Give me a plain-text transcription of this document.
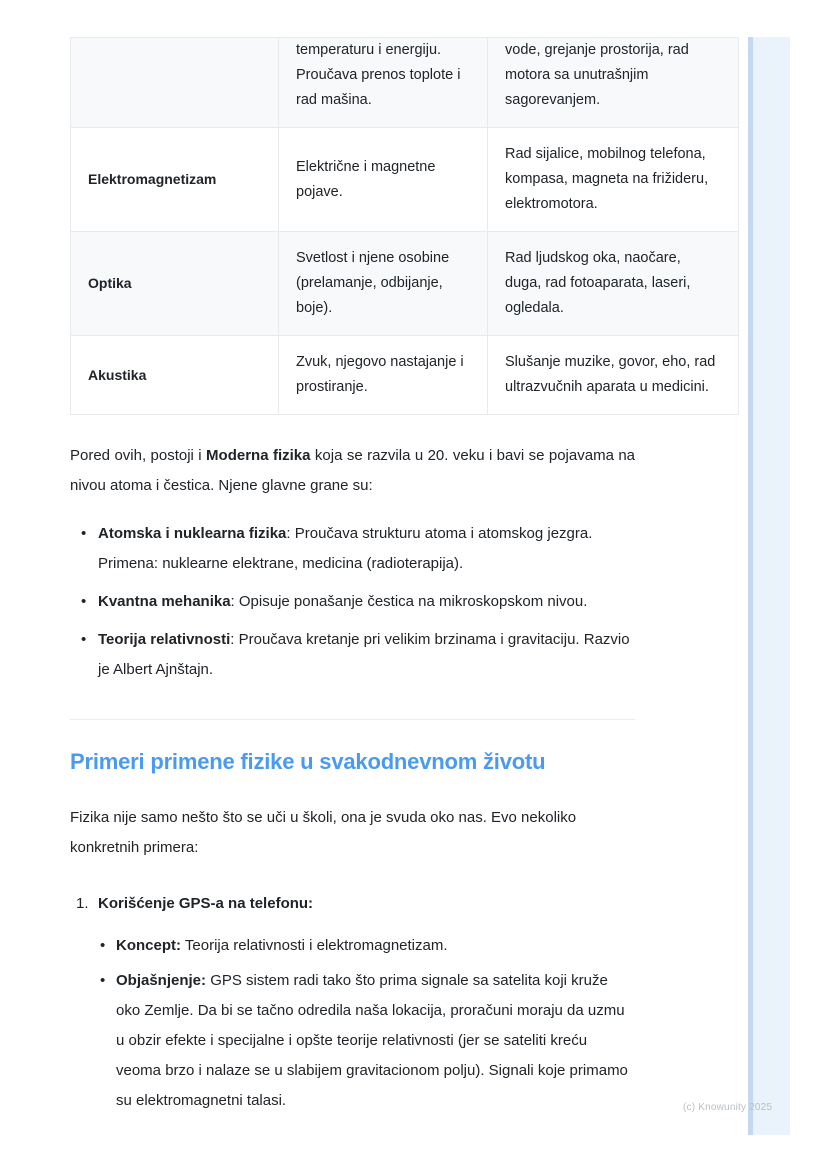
	temperaturu i energiju. Proučava prenos toplote i rad mašina.	vode, grejanje prostorija, rad motora sa unutrašnjim sagorevanjem.
Elektromagnetizam	Električne i magnetne pojave.	Rad sijalice, mobilnog telefona, kompasa, magneta na frižideru, elektromotora.
Optika	Svetlost i njene osobine (prelamanje, odbijanje, boje).	Rad ljudskog oka, naočare, duga, rad fotoaparata, laseri, ogledala.
Akustika	Zvuk, njegovo nastajanje i prostiranje.	Slušanje muzike, govor, eho, rad ultrazvučnih aparata u medicini.

Pored ovih, postoji i Moderna fizika koja se razvila u 20. veku i bavi se pojavama na nivou atoma i čestica. Njene glavne grane su:

• Atomska i nuklearna fizika: Proučava strukturu atoma i atomskog jezgra. Primena: nuklearne elektrane, medicina (radioterapija).
• Kvantna mehanika: Opisuje ponašanje čestica na mikroskopskom nivou.
• Teorija relativnosti: Proučava kretanje pri velikim brzinama i gravitaciju. Razvio je Albert Ajnštajn.
Primeri primene fizike u svakodnevnom životu

Fizika nije samo nešto što se uči u školi, ona je svuda oko nas. Evo nekoliko konkretnih primera:

1. Korišćenje GPS-a na telefonu:
• Koncept: Teorija relativnosti i elektromagnetizam.
• Objašnjenje: GPS sistem radi tako što prima signale sa satelita koji kruže oko Zemlje. Da bi se tačno odredila naša lokacija, proračuni moraju da uzmu u obzir efekte i specijalne i opšte teorije relativnosti (jer se sateliti kreću veoma brzo i nalaze se u slabijem gravitacionom polju). Signali koje primamo su elektromagnetni talasi.	(c) Knowunity 2025
